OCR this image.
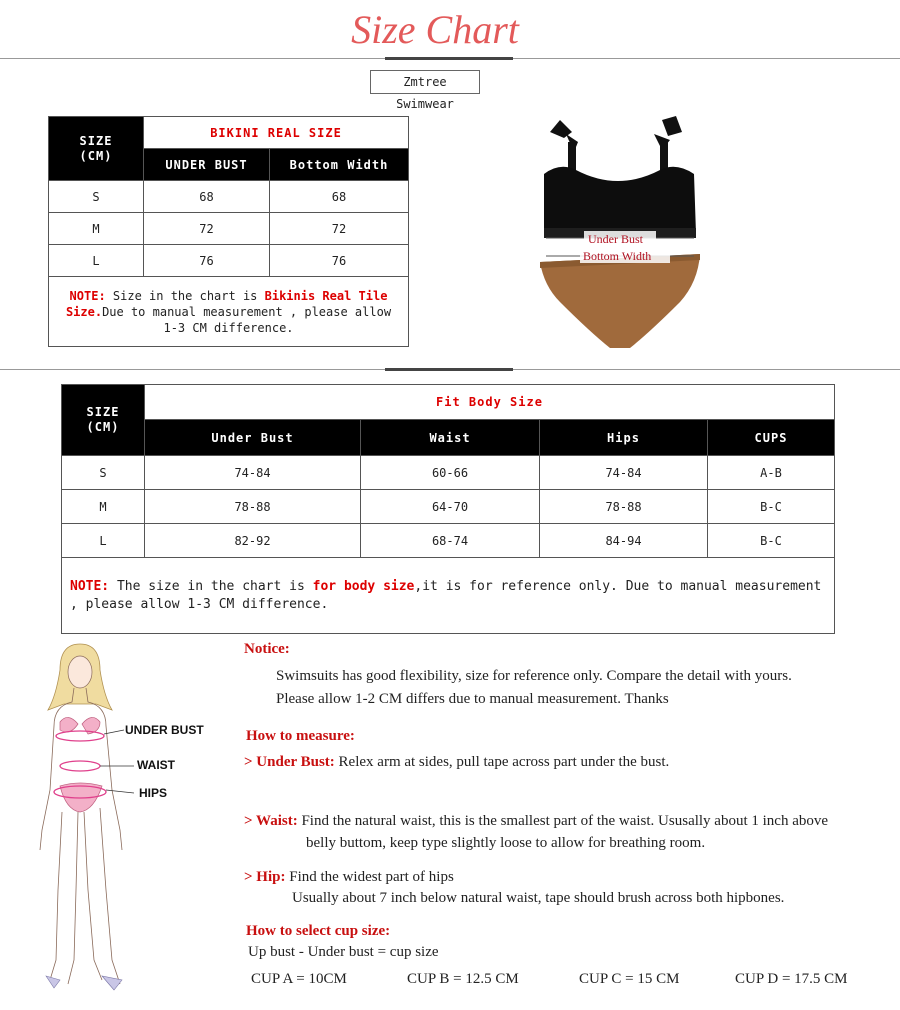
Size Chart
Zmtree Swimwear
SIZE
(CM)	BIKINI REAL SIZE	
	UNDER BUST	Bottom Width
S	68	68
M	72	72
L	76	76
NOTE: Size in the chart is Bikinis Real Tile Size.Due to manual measurement , please allow 1-3 CM difference.		
Under Bust
Bottom Width
SIZE
(CM)	Fit Body Size			
	Under Bust	Waist	Hips	CUPS
S	74-84	60-66	74-84	A-B
M	78-88	64-70	78-88	B-C
L	82-92	68-74	84-94	B-C
NOTE: The size in the chart is for body size,it is for reference only. Due to manual measurement , please allow 1-3 CM difference.				
UNDER BUST
WAIST
HIPS
Notice:
Swimsuits has good flexibility, size for reference only. Compare the detail with yours.
Please allow 1-2 CM differs due to manual measurement. Thanks
How to measure:
> Under Bust: Relex arm at sides, pull tape across part under the bust.
> Waist: Find the natural waist, this is the smallest part of the waist. Ususally about 1 inch above
belly buttom, keep type slightly loose to allow for breathing room.
> Hip: Find the widest part of hips
Usually about 7 inch below natural waist, tape should brush across both hipbones.
How to select cup size:
Up bust - Under bust = cup size
CUP A = 10CM	CUP B = 12.5 CM	CUP C = 15 CM	CUP D = 17.5 CM
